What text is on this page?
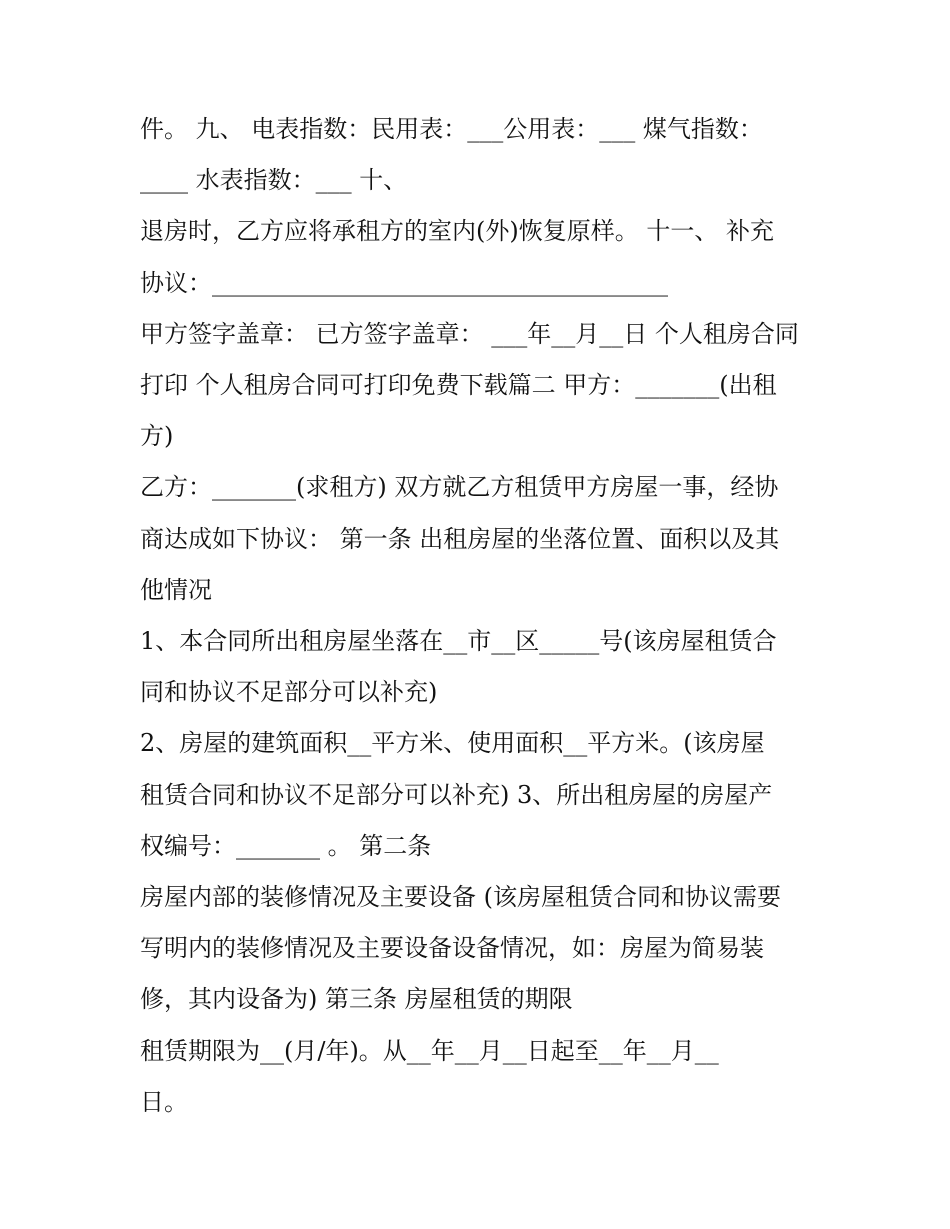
件。 九、 电表指数：民用表：___公用表：___ 煤气指数：
____ 水表指数：___ 十、

退房时，乙方应将承租方的室内(外)恢复原样。 十一、 补充
协议：______________________________________

甲方签字盖章： 已方签字盖章： ___年__月__日 个人租房合同
打印 个人租房合同可打印免费下载篇二 甲方：_______(出租
方)

乙方：_______(求租方) 双方就乙方租赁甲方房屋一事，经协
商达成如下协议： 第一条 出租房屋的坐落位置、面积以及其
他情况

1、本合同所出租房屋坐落在__市__区_____号(该房屋租赁合
同和协议不足部分可以补充)

2、房屋的建筑面积__平方米、使用面积__平方米。(该房屋
租赁合同和协议不足部分可以补充) 3、所出租房屋的房屋产
权编号：_______ 。 第二条

房屋内部的装修情况及主要设备 (该房屋租赁合同和协议需要
写明内的装修情况及主要设备设备情况，如：房屋为简易装
修，其内设备为) 第三条 房屋租赁的期限

租赁期限为__(月/年)。从__年__月__日起至__年__月__
日。
